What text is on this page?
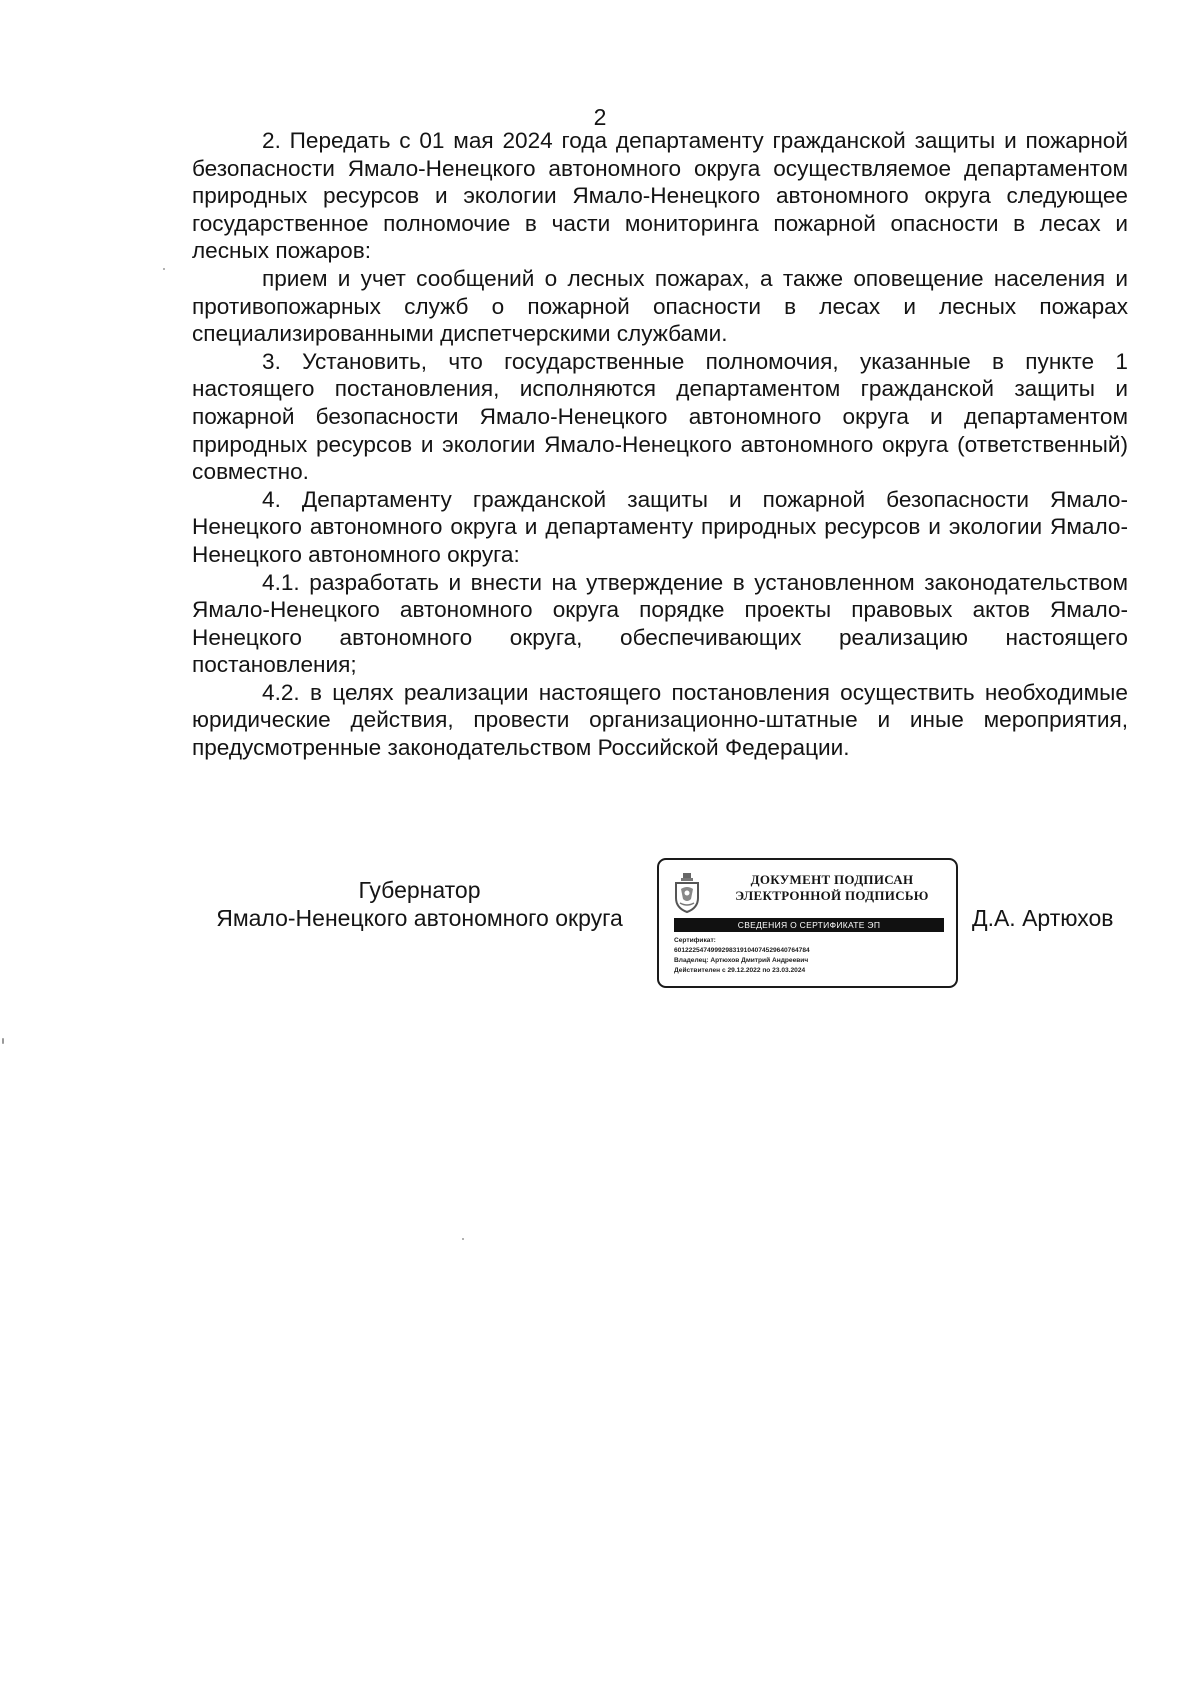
2

2. Передать с 01 мая 2024 года департаменту гражданской защиты и пожарной безопасности Ямало-Ненецкого автономного округа осуществляемое департаментом природных ресурсов и экологии Ямало-Ненецкого автономного округа следующее государственное полномочие в части мониторинга пожарной опасности в лесах и лесных пожаров:

прием и учет сообщений о лесных пожарах, а также оповещение населения и противопожарных служб о пожарной опасности в лесах и лесных пожарах специализированными диспетчерскими службами.

3. Установить, что государственные полномочия, указанные в пункте 1 настоящего постановления, исполняются департаментом гражданской защиты и пожарной безопасности Ямало-Ненецкого автономного округа и департаментом природных ресурсов и экологии Ямало-Ненецкого автономного округа (ответственный) совместно.

4. Департаменту гражданской защиты и пожарной безопасности Ямало-Ненецкого автономного округа и департаменту природных ресурсов и экологии Ямало-Ненецкого автономного округа:

4.1. разработать и внести на утверждение в установленном законодательством Ямало-Ненецкого автономного округа порядке проекты правовых актов Ямало-Ненецкого автономного округа, обеспечивающих реализацию настоящего постановления;

4.2. в целях реализации настоящего постановления осуществить необходимые юридические действия, провести организационно-штатные и иные мероприятия, предусмотренные законодательством Российской Федерации.

Губернатор
Ямало-Ненецкого автономного округа
ДОКУМЕНТ ПОДПИСАН
ЭЛЕКТРОННОЙ ПОДПИСЬЮ
СВЕДЕНИЯ О СЕРТИФИКАТЕ ЭП
Сертификат:
6012225474999298319104074529640764784
Владелец: Артюхов Дмитрий Андреевич
Действителен с 29.12.2022 по 23.03.2024
Д.А. Артюхов
